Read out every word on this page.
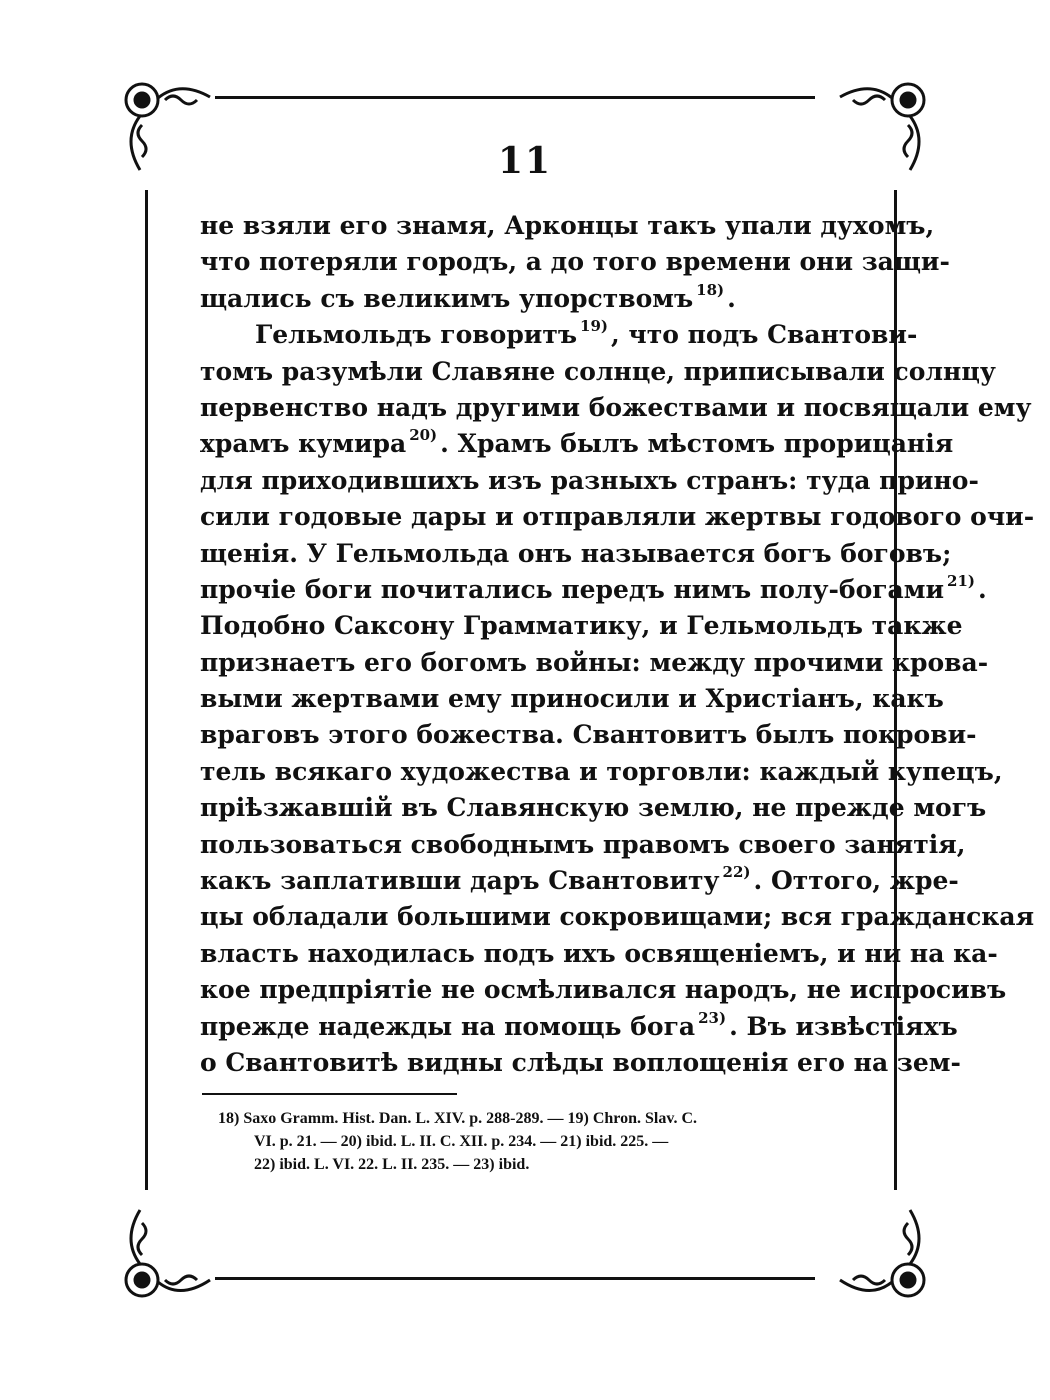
11
не взяли его знамя, Арконцы такъ упали духомъ,
что потеряли городъ, а до того времени они защи-
щались съ великимъ упорствомъ $^{18)}$ .
Гельмольдъ говоритъ $^{19)}$ , что подъ Свантови-
томъ разумѣли Славяне солнце, приписывали солнцу
первенство надъ другими божествами и посвящали ему
храмъ кумира $^{20)}$ . Храмъ былъ мѣстомъ прорицанія
для приходившихъ изъ разныхъ странъ: туда прино-
сили годовые дары и отправляли жертвы годового очи-
щенія. У Гельмольда онъ называется богъ боговъ;
прочіе боги почитались передъ нимъ полу-богами $^{21)}$ .
Подобно Саксону Грамматику, и Гельмольдъ также
признаетъ его богомъ войны: между прочими крова-
выми жертвами ему приносили и Христіанъ, какъ
враговъ этого божества. Свантовитъ былъ покрови-
тель всякаго художества и торговли: каждый купецъ,
пріѣзжавшій въ Славянскую землю, не прежде могъ
пользоваться свободнымъ правомъ своего занятія,
какъ заплативши даръ Свантовиту $^{22)}$ . Оттого, жре-
цы обладали большими сокровищами; вся гражданская
власть находилась подъ ихъ освященіемъ, и ни на ка-
кое предпріятіе не осмѣливался народъ, не испросивъ
прежде надежды на помощь бога $^{23)}$ . Въ извѣстіяхъ
о Свантовитѣ видны слѣды воплощенія его на зем-
18) Saxo Gramm. Hist. Dan. L. XIV. p. 288-289. — 19) Chron. Slav. C.
VI. p. 21. — 20) ibid. L. II. C. XII. p. 234. — 21) ibid. 225. —
22) ibid. L. VI. 22. L. II. 235. — 23) ibid.
